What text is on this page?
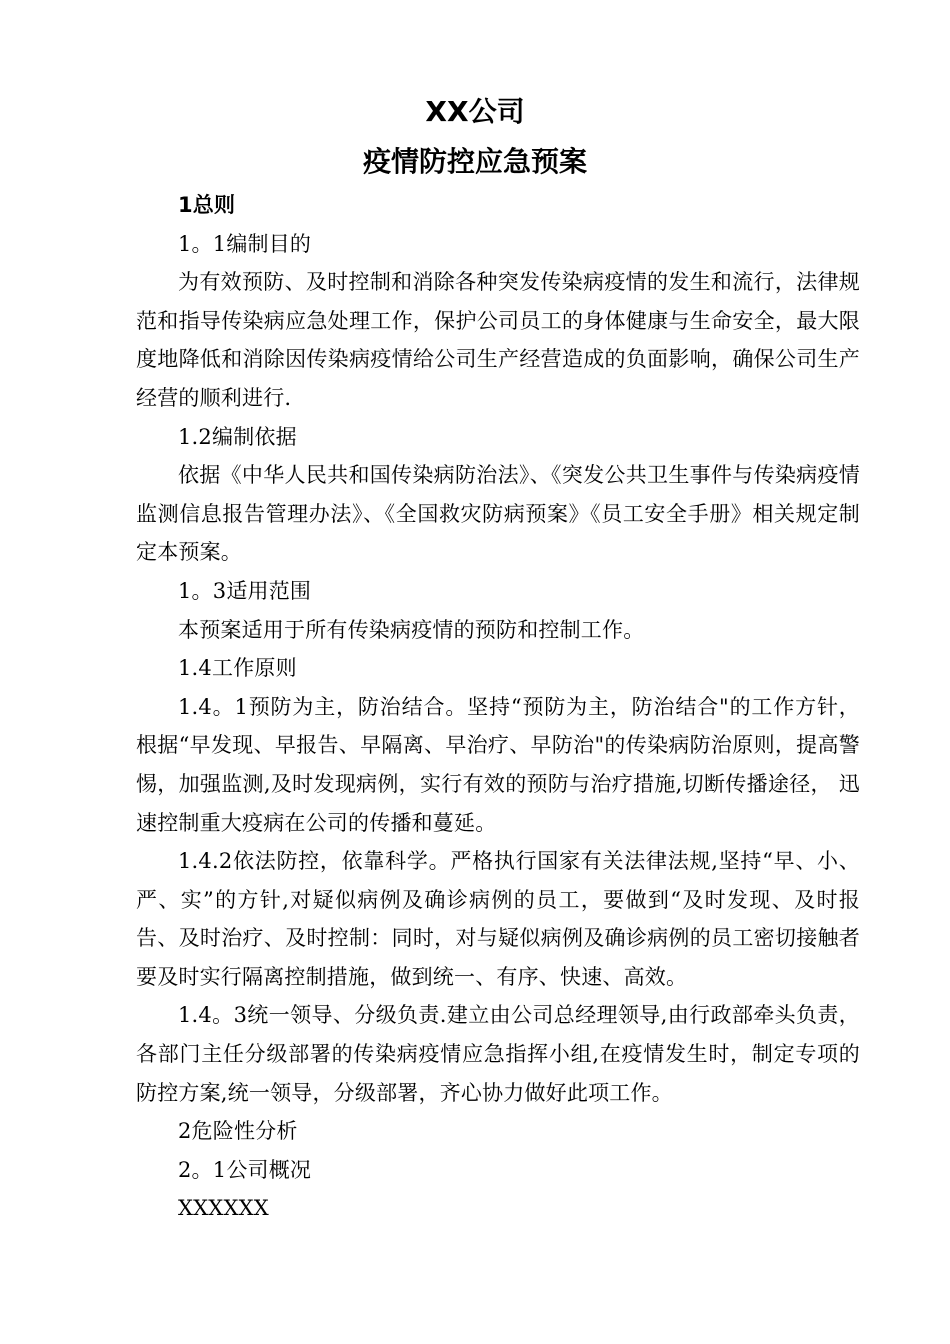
XX公司
疫情防控应急预案

1总则

1。1编制目的

为有效预防、及时控制和消除各种突发传染病疫情的发生和流行，法律规范和指导传染病应急处理工作，保护公司员工的身体健康与生命安全，最大限度地降低和消除因传染病疫情给公司生产经营造成的负面影响，确保公司生产经营的顺利进行.

1.2编制依据

依据《中华人民共和国传染病防治法》、《突发公共卫生事件与传染病疫情监测信息报告管理办法》、《全国救灾防病预案》《员工安全手册》相关规定制定本预案。

1。3适用范围

本预案适用于所有传染病疫情的预防和控制工作。

1.4工作原则

1.4。1预防为主，防治结合。坚持“预防为主，防治结合"的工作方针， 根据“早发现、早报告、早隔离、早治疗、早防治"的传染病防治原则，提高警惕，加强监测,及时发现病例，实行有效的预防与治疗措施,切断传播途径， 迅速控制重大疫病在公司的传播和蔓延。

1.4.2依法防控，依靠科学。严格执行国家有关法律法规,坚持“早、小、 严、实”的方针,对疑似病例及确诊病例的员工，要做到“及时发现、及时报告、及时治疗、及时控制：同时，对与疑似病例及确诊病例的员工密切接触者要及时实行隔离控制措施，做到统一、有序、快速、高效。

1.4。3统一领导、分级负责.建立由公司总经理领导,由行政部牵头负责，各部门主任分级部署的传染病疫情应急指挥小组,在疫情发生时，制定专项的防控方案,统一领导，分级部署，齐心协力做好此项工作。

2危险性分析

2。1公司概况

XXXXXX
